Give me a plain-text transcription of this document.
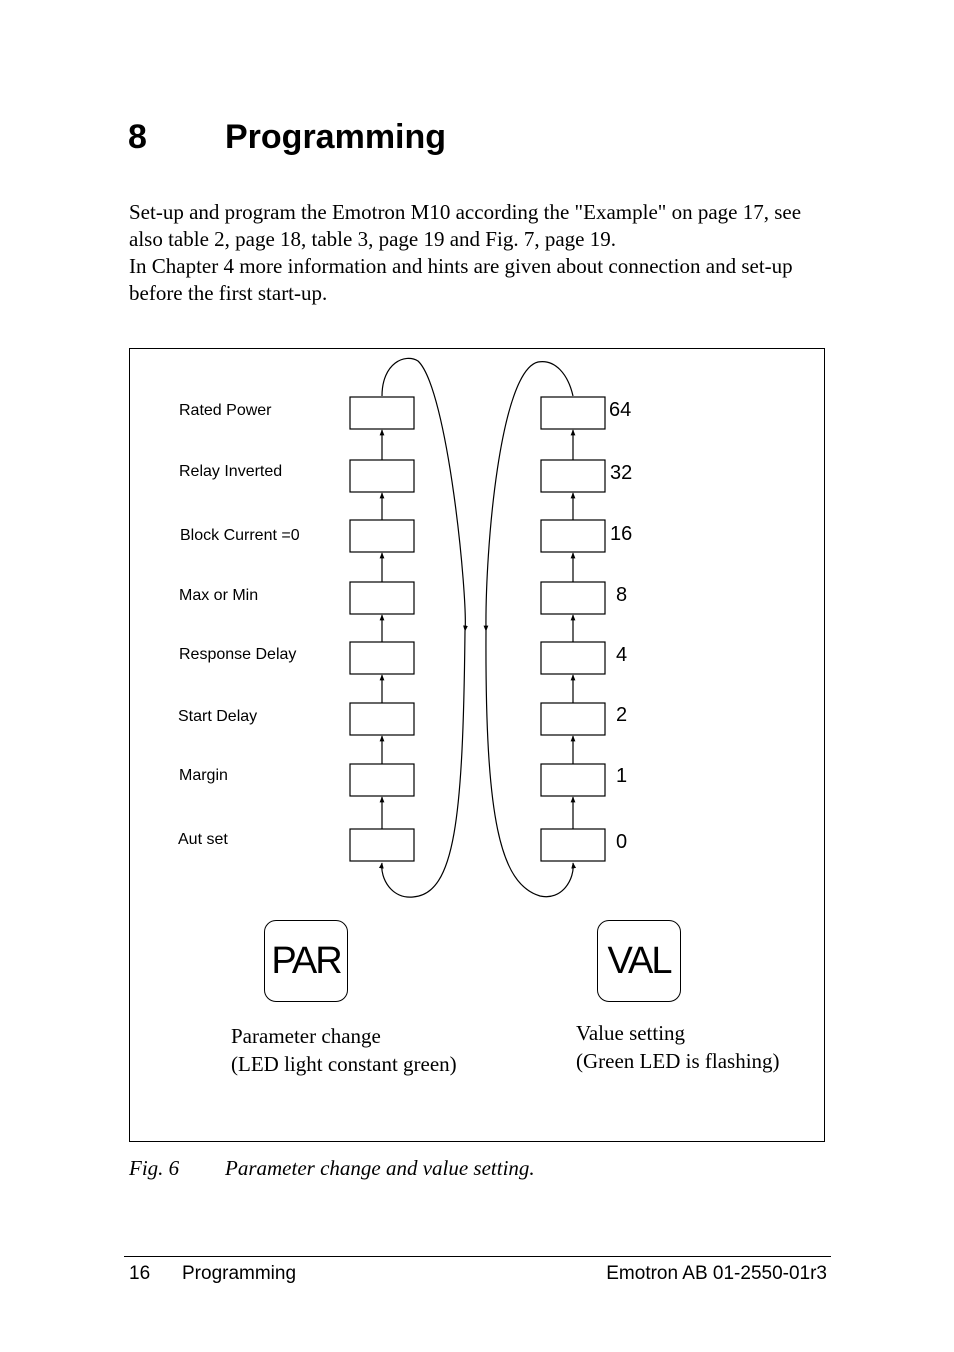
8 Programming

Set-up and program the Emotron M10 according the "Example" on page 17, see also table 2, page 18, table 3, page 19 and Fig. 7, page 19.

In Chapter 4 more information and hints are given about connection and set-up before the first start-up.

Rated Power
Relay Inverted
Block Current =0
Max or Min
Response Delay
Start Delay
Margin
Aut set
64
32
16
8
4
2
1
0
PAR	VAL
Parameter change
(LED light constant green)
Value setting
(Green LED is flashing)
Fig. 6 Parameter change and value setting.
16 Programming	Emotron AB 01-2550-01r3
